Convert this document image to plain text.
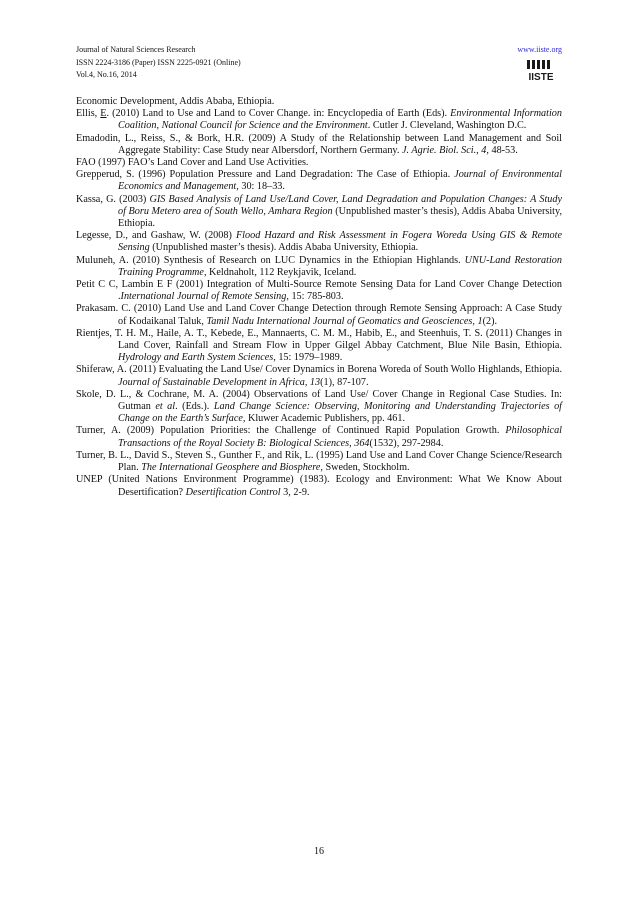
Journal of Natural Sciences Research
ISSN 2224-3186 (Paper) ISSN 2225-0921 (Online)
Vol.4, No.16, 2014
www.iiste.org
IISTE

Economic Development, Addis Ababa, Ethiopia.

Ellis, E. (2010) Land to Use and Land to Cover Change. in: Encyclopedia of Earth (Eds). Environmental Information Coalition, National Council for Science and the Environment. Cutler J. Cleveland, Washington D.C.

Emadodin, L., Reiss, S., & Bork, H.R. (2009) A Study of the Relationship between Land Management and Soil Aggregate Stability: Case Study near Albersdorf, Northern Germany. J. Agrie. Biol. Sci., 4, 48-53.

FAO (1997) FAO’s Land Cover and Land Use Activities.

Grepperud, S. (1996) Population Pressure and Land Degradation: The Case of Ethiopia. Journal of Environmental Economics and Management, 30: 18–33.

Kassa, G. (2003) GIS Based Analysis of Land Use/Land Cover, Land Degradation and Population Changes: A Study of Boru Metero area of South Wello, Amhara Region (Unpublished master’s thesis), Addis Ababa University, Ethiopia.

Legesse, D., and Gashaw, W. (2008) Flood Hazard and Risk Assessment in Fogera Woreda Using GIS & Remote Sensing (Unpublished master’s thesis). Addis Ababa University, Ethiopia.

Muluneh, A. (2010) Synthesis of Research on LUC Dynamics in the Ethiopian Highlands. UNU-Land Restoration Training Programme, Keldnaholt, 112 Reykjavik, Iceland.

Petit C C, Lambin E F (2001) Integration of Multi-Source Remote Sensing Data for Land Cover Change Detection .International Journal of Remote Sensing, 15: 785-803.

Prakasam. C. (2010) Land Use and Land Cover Change Detection through Remote Sensing Approach: A Case Study of Kodaikanal Taluk, Tamil Nadu International Journal of Geomatics and Geosciences, 1(2).

Rientjes, T. H. M., Haile, A. T., Kebede, E., Mannaerts, C. M. M., Habib, E., and Steenhuis, T. S. (2011) Changes in Land Cover, Rainfall and Stream Flow in Upper Gilgel Abbay Catchment, Blue Nile Basin, Ethiopia. Hydrology and Earth System Sciences, 15: 1979–1989.

Shiferaw, A. (2011) Evaluating the Land Use/ Cover Dynamics in Borena Woreda of South Wollo Highlands, Ethiopia. Journal of Sustainable Development in Africa, 13(1), 87-107.

Skole, D. L., & Cochrane, M. A. (2004) Observations of Land Use/ Cover Change in Regional Case Studies. In: Gutman et al. (Eds.). Land Change Science: Observing, Monitoring and Understanding Trajectories of Change on the Earth’s Surface, Kluwer Academic Publishers, pp. 461.

Turner, A. (2009) Population Priorities: the Challenge of Continued Rapid Population Growth. Philosophical Transactions of the Royal Society B: Biological Sciences, 364(1532), 297-2984.

Turner, B. L., David S., Steven S., Gunther F., and Rik, L. (1995) Land Use and Land Cover Change Science/Research Plan. The International Geosphere and Biosphere, Sweden, Stockholm.

UNEP (United Nations Environment Programme) (1983). Ecology and Environment: What We Know About Desertification? Desertification Control 3, 2-9.

16
